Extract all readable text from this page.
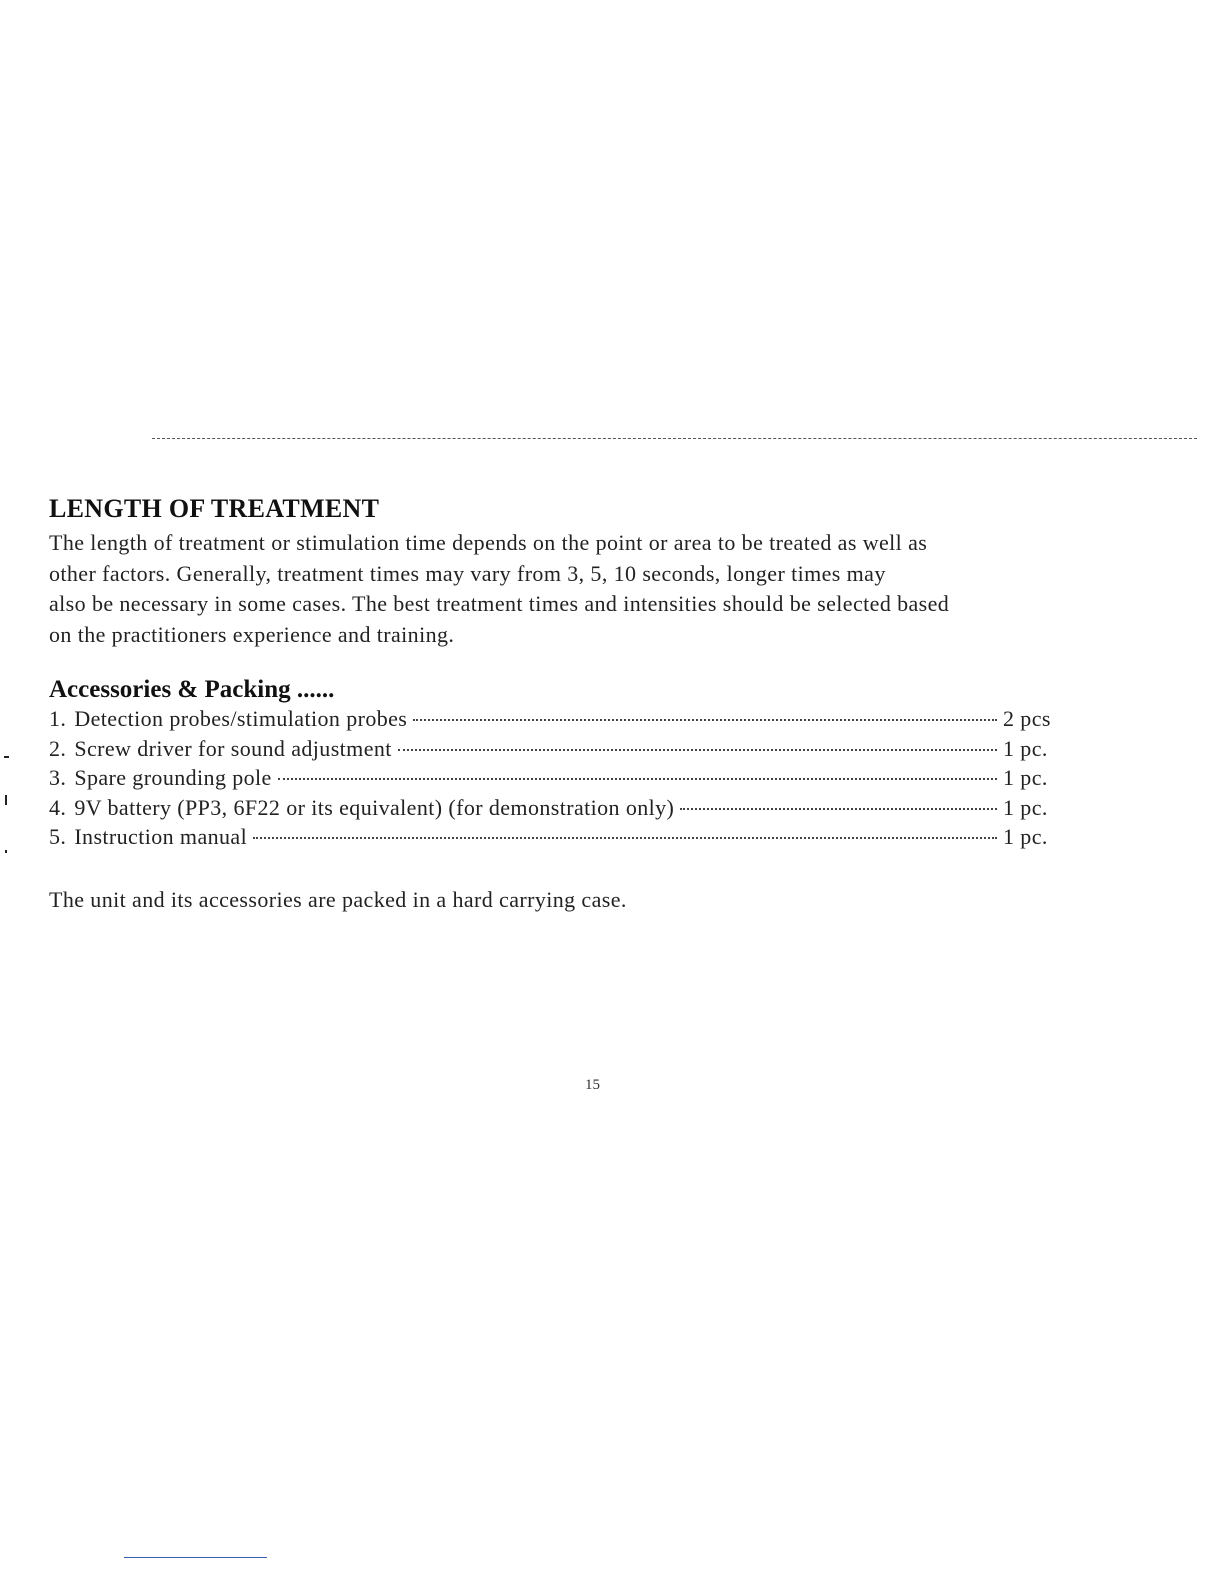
LENGTH OF TREATMENT

The length of treatment or stimulation time depends on the point or area to be treated as well as
other factors. Generally, treatment times may vary from 3, 5, 10 seconds, longer times may
also be necessary in some cases. The best treatment times and intensities should be selected based
on the practitioners experience and training.

Accessories & Packing ......
1. Detection probes/stimulation probes	2 pcs
2. Screw driver for sound adjustment	1 pc.
3. Spare grounding pole	1 pc.
4. 9V battery (PP3, 6F22 or its equivalent) (for demonstration only)	1 pc.
5. Instruction manual	1 pc.

The unit and its accessories are packed in a hard carrying case.

15
